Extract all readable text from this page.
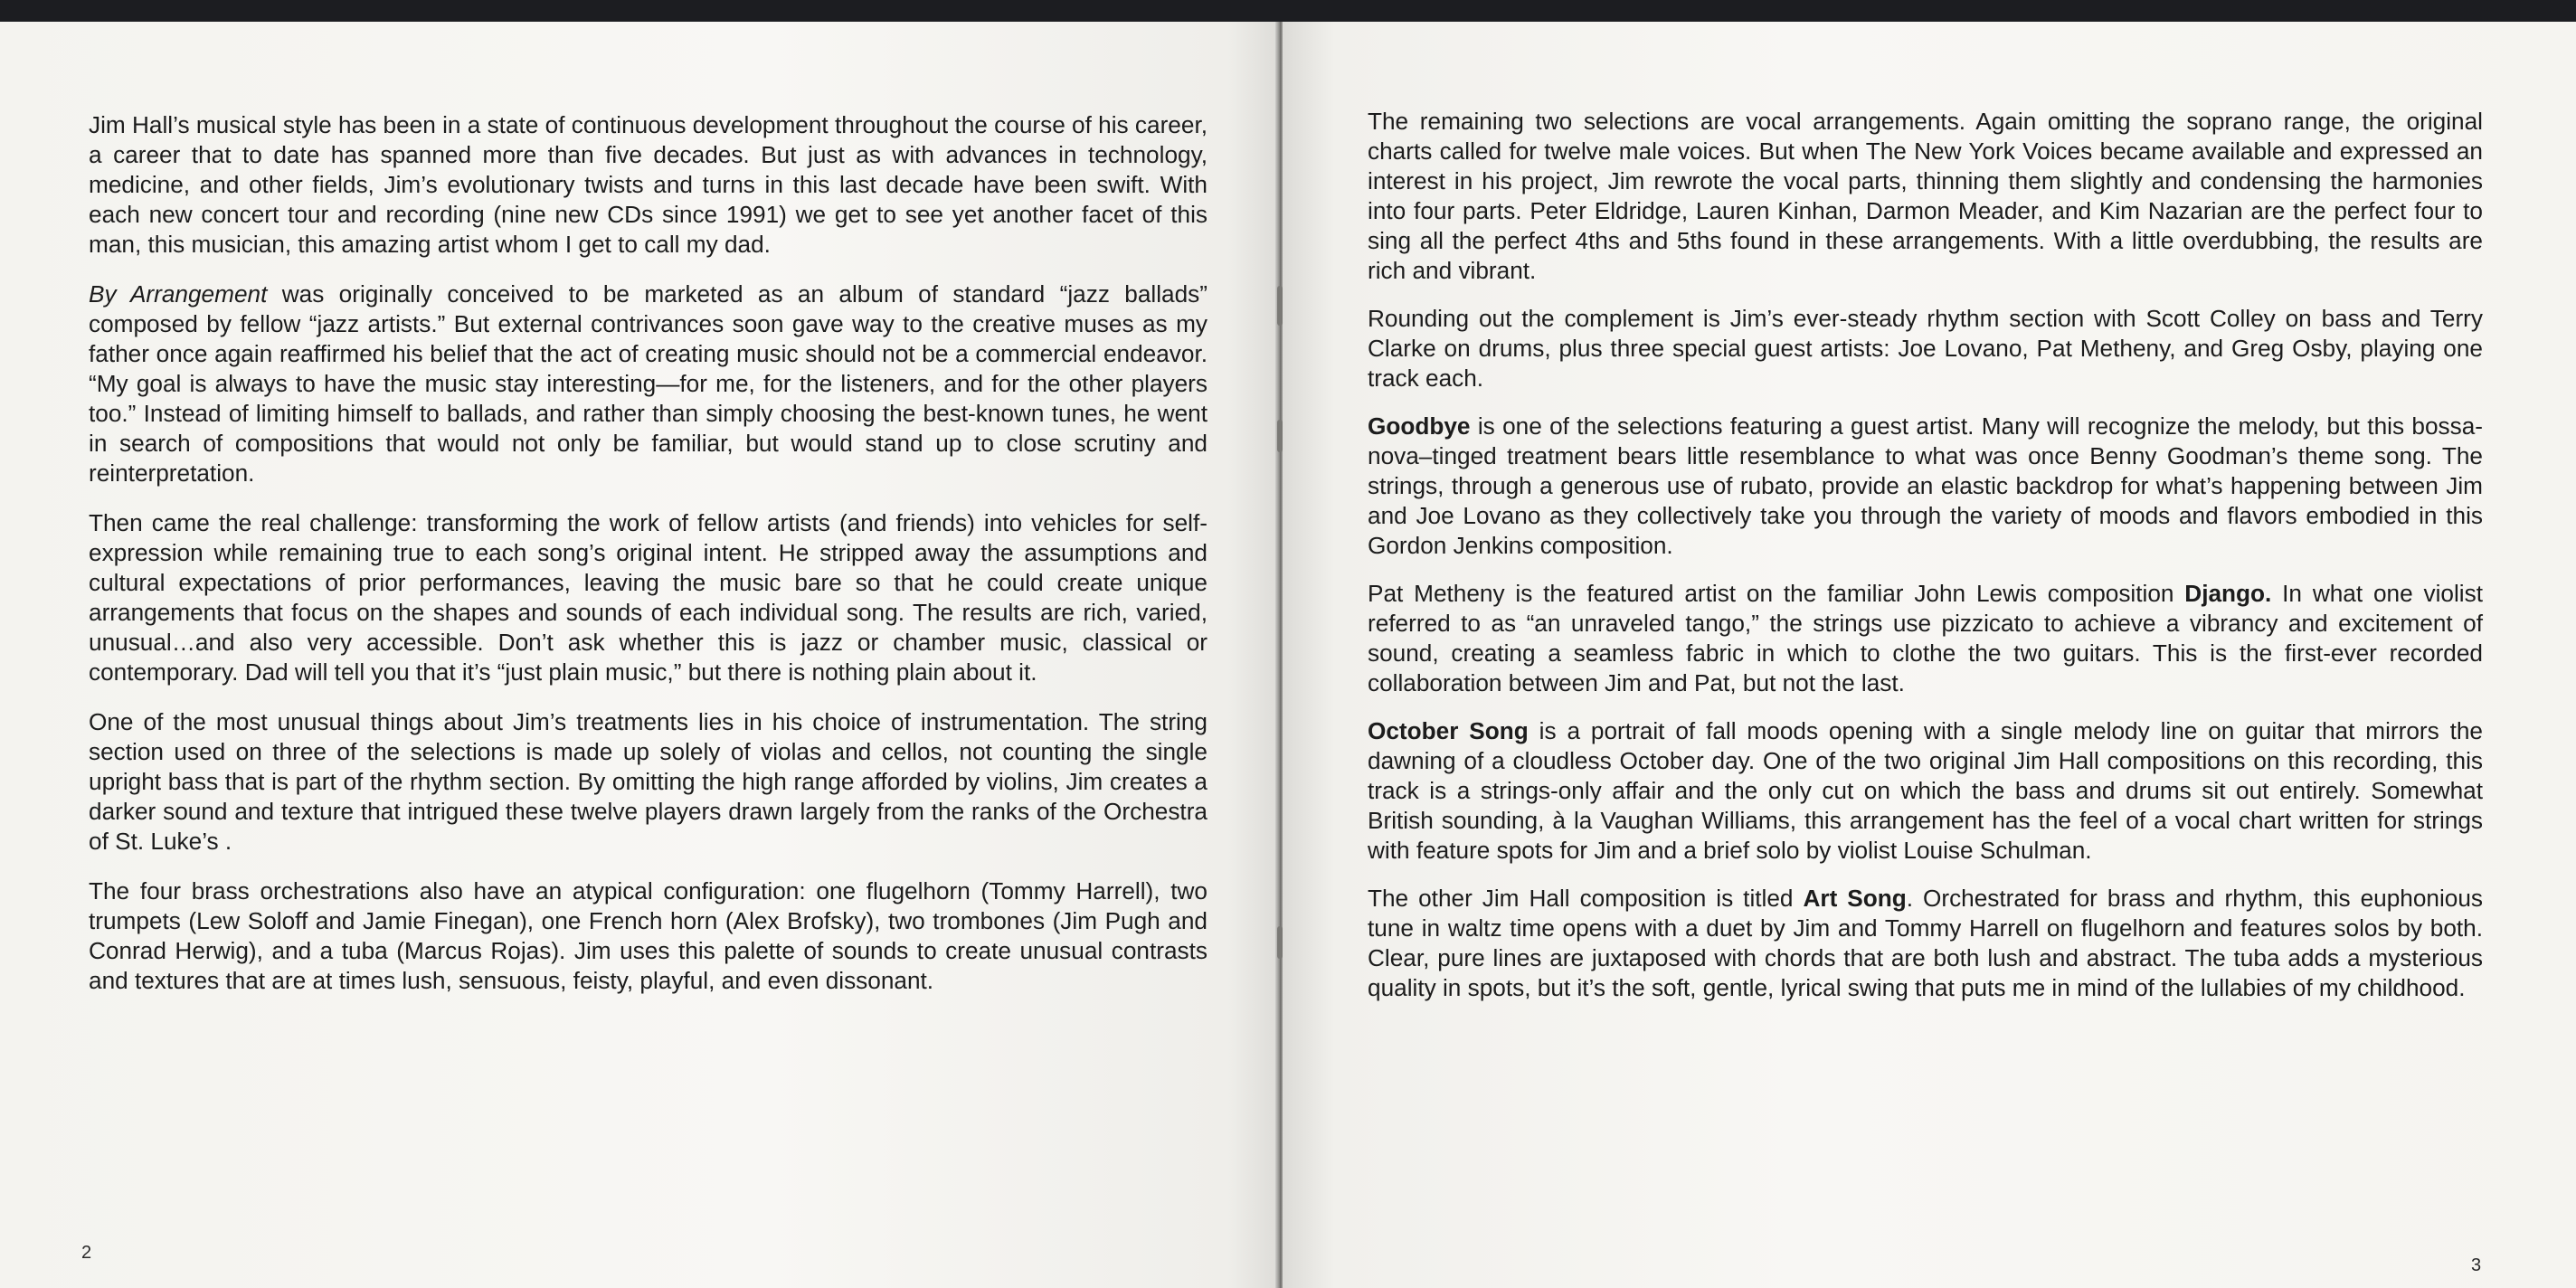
Jim Hall’s musical style has been in a state of continuous development throughout the course of his career, a career that to date has spanned more than five decades. But just as with advances in technology, medicine, and other fields, Jim’s evolutionary twists and turns in this last decade have been swift. With each new concert tour and recording (nine new CDs since 1991) we get to see yet another facet of this man, this musician, this amazing artist whom I get to call my dad.

By Arrangement was originally conceived to be marketed as an album of standard “jazz ballads” composed by fellow “jazz artists.” But external contrivances soon gave way to the creative muses as my father once again reaffirmed his belief that the act of creating music should not be a commercial endeavor. “My goal is always to have the music stay interesting—for me, for the listeners, and for the other players too.” Instead of limiting himself to ballads, and rather than simply choosing the best-known tunes, he went in search of compositions that would not only be familiar, but would stand up to close scrutiny and reinterpretation.

Then came the real challenge: transforming the work of fellow artists (and friends) into vehicles for self-expression while remaining true to each song’s original intent. He stripped away the assumptions and cultural expectations of prior performances, leaving the music bare so that he could create unique arrangements that focus on the shapes and sounds of each individual song. The results are rich, varied, unusual…and also very accessible. Don’t ask whether this is jazz or chamber music, classical or contemporary. Dad will tell you that it’s “just plain music,” but there is nothing plain about it.

One of the most unusual things about Jim’s treatments lies in his choice of instrumentation. The string section used on three of the selections is made up solely of violas and cellos, not counting the single upright bass that is part of the rhythm section. By omitting the high range afforded by violins, Jim creates a darker sound and texture that intrigued these twelve players drawn largely from the ranks of the Orchestra of St. Luke’s .

The four brass orchestrations also have an atypical configuration: one flugelhorn (Tommy Harrell), two trumpets (Lew Soloff and Jamie Finegan), one French horn (Alex Brofsky), two trombones (Jim Pugh and Conrad Herwig), and a tuba (Marcus Rojas). Jim uses this palette of sounds to create unusual contrasts and textures that are at times lush, sensuous, feisty, playful, and even dissonant.

2

The remaining two selections are vocal arrangements. Again omitting the soprano range, the original charts called for twelve male voices. But when The New York Voices became available and expressed an interest in his project, Jim rewrote the vocal parts, thinning them slightly and condensing the harmonies into four parts. Peter Eldridge, Lauren Kinhan, Darmon Meader, and Kim Nazarian are the perfect four to sing all the perfect 4ths and 5ths found in these arrangements. With a little overdubbing, the results are rich and vibrant.

Rounding out the complement is Jim’s ever-steady rhythm section with Scott Colley on bass and Terry Clarke on drums, plus three special guest artists: Joe Lovano, Pat Metheny, and Greg Osby, playing one track each.

Goodbye is one of the selections featuring a guest artist. Many will recognize the melody, but this bossa-nova–tinged treatment bears little resemblance to what was once Benny Goodman’s theme song. The strings, through a generous use of rubato, provide an elastic backdrop for what’s happening between Jim and Joe Lovano as they collectively take you through the variety of moods and flavors embodied in this Gordon Jenkins composition.

Pat Metheny is the featured artist on the familiar John Lewis composition Django. In what one violist referred to as “an unraveled tango,” the strings use pizzicato to achieve a vibrancy and excitement of sound, creating a seamless fabric in which to clothe the two guitars. This is the first-ever recorded collaboration between Jim and Pat, but not the last.

October Song is a portrait of fall moods opening with a single melody line on guitar that mirrors the dawning of a cloudless October day. One of the two original Jim Hall compositions on this recording, this track is a strings-only affair and the only cut on which the bass and drums sit out entirely. Somewhat British sounding, à la Vaughan Williams, this arrangement has the feel of a vocal chart written for strings with feature spots for Jim and a brief solo by violist Louise Schulman.

The other Jim Hall composition is titled Art Song. Orchestrated for brass and rhythm, this euphonious tune in waltz time opens with a duet by Jim and Tommy Harrell on flugelhorn and features solos by both. Clear, pure lines are juxtaposed with chords that are both lush and abstract. The tuba adds a mysterious quality in spots, but it’s the soft, gentle, lyrical swing that puts me in mind of the lullabies of my childhood.

3
